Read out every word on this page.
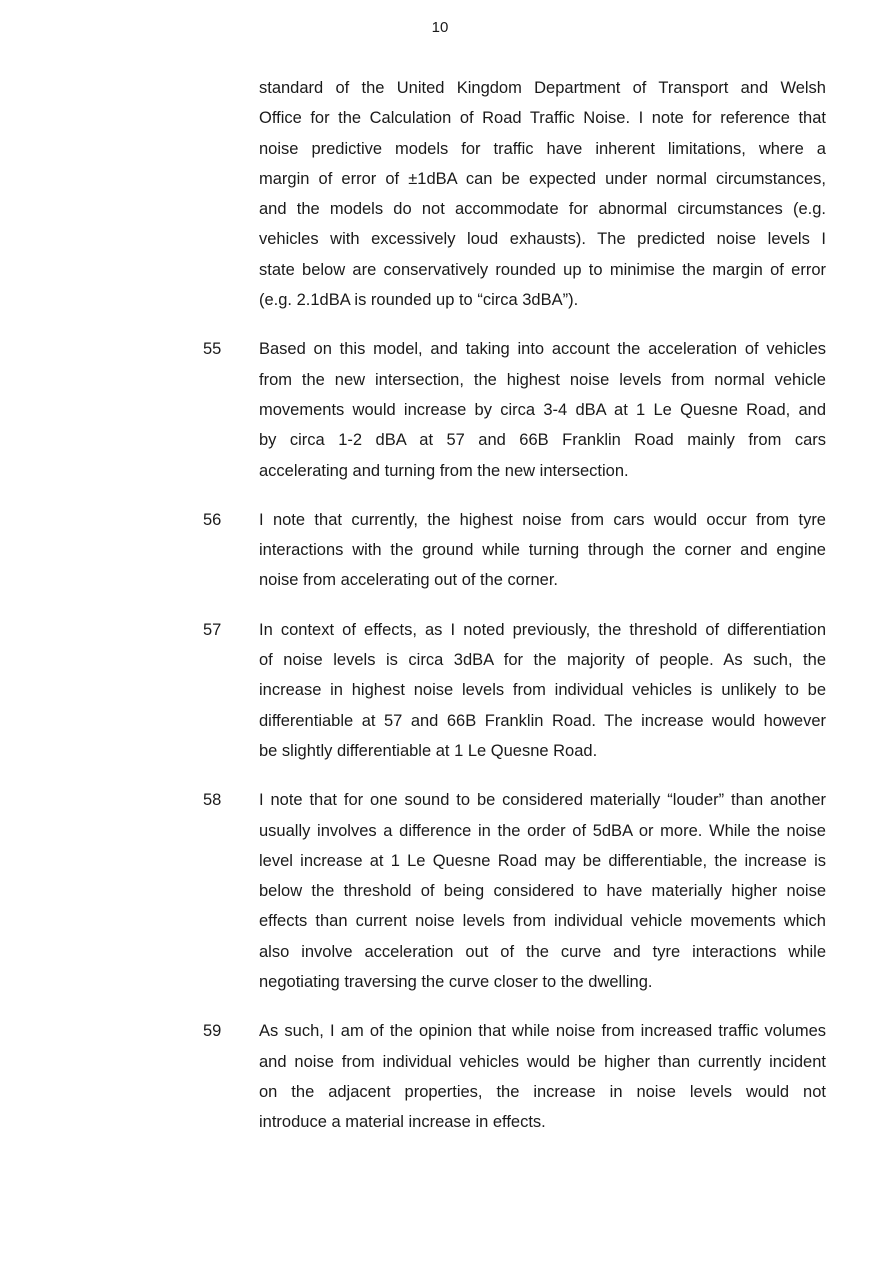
10
standard of the United Kingdom Department of Transport and Welsh
Office for the Calculation of Road Traffic Noise. I note for reference that
noise predictive models for traffic have inherent limitations, where a
margin of error of ±1dBA can be expected under normal circumstances,
and the models do not accommodate for abnormal circumstances (e.g.
vehicles with excessively loud exhausts). The predicted noise levels I
state below are conservatively rounded up to minimise the margin of error
(e.g. 2.1dBA is rounded up to “circa 3dBA”).
55 Based on this model, and taking into account the acceleration of vehicles
from the new intersection, the highest noise levels from normal vehicle
movements would increase by circa 3-4 dBA at 1 Le Quesne Road, and
by circa 1-2 dBA at 57 and 66B Franklin Road mainly from cars
accelerating and turning from the new intersection.
56 I note that currently, the highest noise from cars would occur from tyre
interactions with the ground while turning through the corner and engine
noise from accelerating out of the corner.
57 In context of effects, as I noted previously, the threshold of differentiation
of noise levels is circa 3dBA for the majority of people. As such, the
increase in highest noise levels from individual vehicles is unlikely to be
differentiable at 57 and 66B Franklin Road. The increase would however
be slightly differentiable at 1 Le Quesne Road.
58 I note that for one sound to be considered materially “louder” than another
usually involves a difference in the order of 5dBA or more. While the noise
level increase at 1 Le Quesne Road may be differentiable, the increase is
below the threshold of being considered to have materially higher noise
effects than current noise levels from individual vehicle movements which
also involve acceleration out of the curve and tyre interactions while
negotiating traversing the curve closer to the dwelling.
59 As such, I am of the opinion that while noise from increased traffic volumes
and noise from individual vehicles would be higher than currently incident
on the adjacent properties, the increase in noise levels would not
introduce a material increase in effects.
